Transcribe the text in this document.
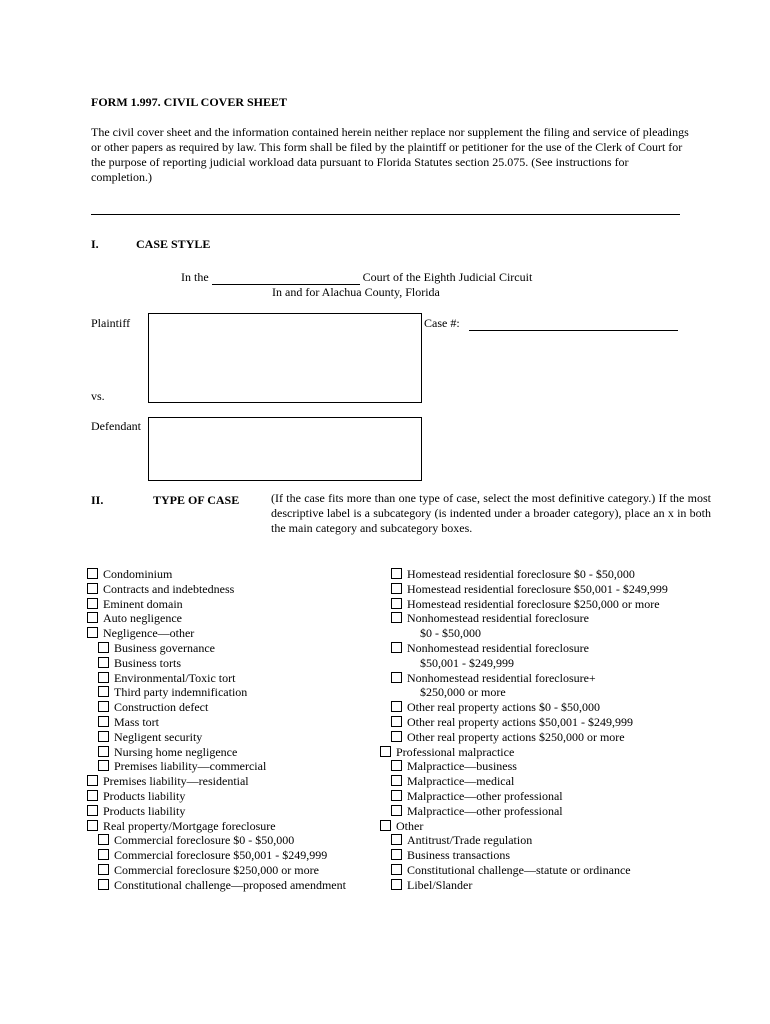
FORM 1.997. CIVIL COVER SHEET
The civil cover sheet and the information contained herein neither replace nor supplement the filing and service of pleadings or other papers as required by law. This form shall be filed by the plaintiff or petitioner for the use of the Clerk of Court for the purpose of reporting judicial workload data pursuant to Florida Statutes section 25.075. (See instructions for completion.)
I.	CASE STYLE
In the	Court of the Eighth Judicial Circuit
In and for Alachua County, Florida
Plaintiff	Case #:
vs.
Defendant
II.	TYPE OF CASE	(If the case fits more than one type of case, select the most definitive category.) If the most descriptive label is a subcategory (is indented under a broader category), place an x in both the main category and subcategory boxes.
Condominium
Contracts and indebtedness
Eminent domain
Auto negligence
Negligence—other
Business governance
Business torts
Environmental/Toxic tort
Third party indemnification
Construction defect
Mass tort
Negligent security
Nursing home negligence
Premises liability—commercial
Premises liability—residential
Products liability
Products liability
Real property/Mortgage foreclosure
Commercial foreclosure $0 - $50,000
Commercial foreclosure $50,001 - $249,999
Commercial foreclosure $250,000 or more
Constitutional challenge—proposed amendment
Homestead residential foreclosure $0 - $50,000
Homestead residential foreclosure $50,001 - $249,999
Homestead residential foreclosure $250,000 or more
Nonhomestead residential foreclosure
$0 - $50,000
Nonhomestead residential foreclosure
$50,001 - $249,999
Nonhomestead residential foreclosure+
$250,000 or more
Other real property actions $0 - $50,000
Other real property actions $50,001 - $249,999
Other real property actions $250,000 or more
Professional malpractice
Malpractice—business
Malpractice—medical
Malpractice—other professional
Malpractice—other professional
Other
Antitrust/Trade regulation
Business transactions
Constitutional challenge—statute or ordinance
Libel/Slander
